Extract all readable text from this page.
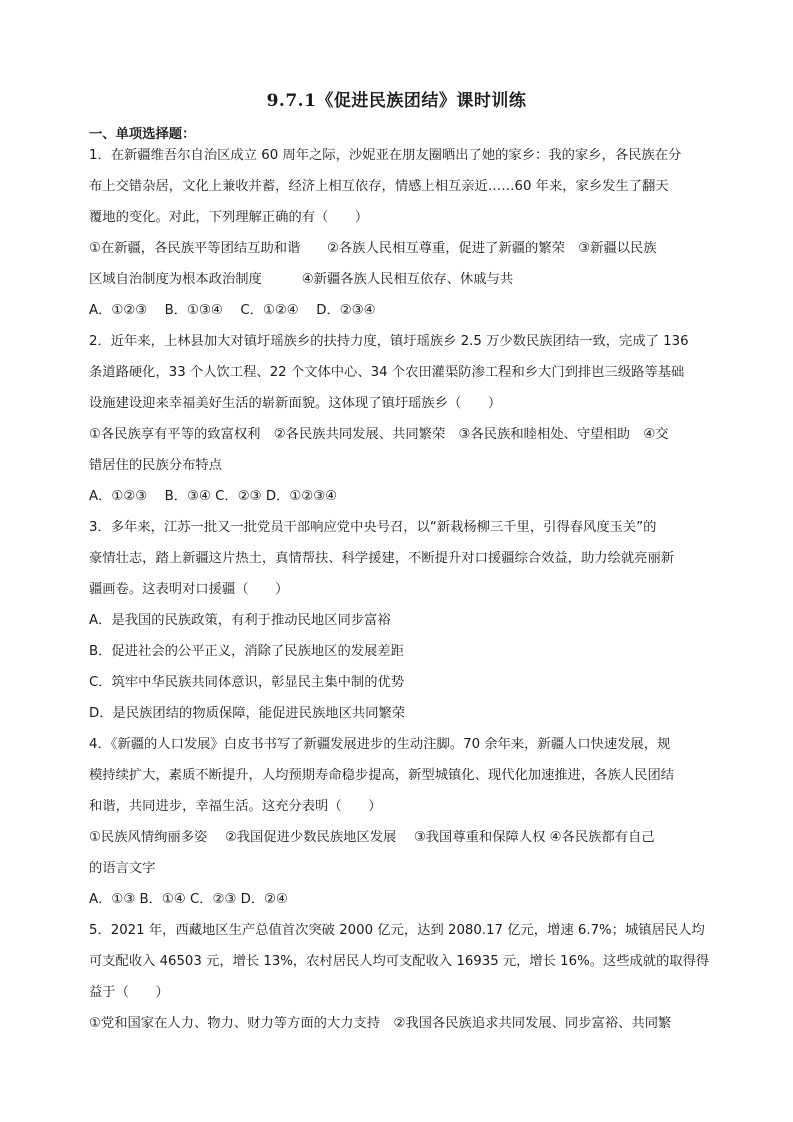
9.7.1《促进民族团结》课时训练
一、单项选择题：
1．在新疆维吾尔自治区成立 60 周年之际，沙妮亚在朋友圈晒出了她的家乡：我的家乡，各民族在分
布上交错杂居，文化上兼收并蓄，经济上相互依存，情感上相互亲近……60 年来，家乡发生了翻天
覆地的变化。对此，下列理解正确的有（　　）
①在新疆，各民族平等团结互助和谐　　②各族人民相互尊重，促进了新疆的繁荣　③新疆以民族
区域自治制度为根本政治制度　　　④新疆各族人民相互依存、休戚与共
A．①②③　 B．①③④　 C．①②④　 D．②③④
2．近年来，上林县加大对镇圩瑶族乡的扶持力度，镇圩瑶族乡 2.5 万少数民族团结一致，完成了 136
条道路硬化，33 个人饮工程、22 个文体中心、34 个农田灌渠防渗工程和乡大门到排岜三级路等基础
设施建设迎来幸福美好生活的崭新面貌。这体现了镇圩瑶族乡（　　）
①各民族享有平等的致富权利　②各民族共同发展、共同繁荣　③各民族和睦相处、守望相助　④交
错居住的民族分布特点
A．①②③　 B．③④ C．②③ D．①②③④
3．多年来，江苏一批又一批党员干部响应党中央号召，以“新栽杨柳三千里，引得春风度玉关”的
豪情壮志，踏上新疆这片热土，真情帮扶、科学援建，不断提升对口援疆综合效益，助力绘就亮丽新
疆画卷。这表明对口援疆（　　）
A．是我国的民族政策，有利于推动民地区同步富裕
B．促进社会的公平正义，消除了民族地区的发展差距
C．筑牢中华民族共同体意识，彰显民主集中制的优势
D．是民族团结的物质保障，能促进民族地区共同繁荣
4．《新疆的人口发展》白皮书书写了新疆发展进步的生动注脚。70 余年来，新疆人口快速发展，规
模持续扩大，素质不断提升，人均预期寿命稳步提高，新型城镇化、现代化加速推进，各族人民团结
和谐，共同进步，幸福生活。这充分表明（　　）
①民族风情绚丽多姿　 ②我国促进少数民族地区发展　 ③我国尊重和保障人权 ④各民族都有自己
的语言文字
A．①③ B．①④ C．②③ D．②④
5．2021 年，西藏地区生产总值首次突破 2000 亿元，达到 2080.17 亿元，增速 6.7%；城镇居民人均
可支配收入 46503 元，增长 13%，农村居民人均可支配收入 16935 元，增长 16%。这些成就的取得得
益于（　　）
①党和国家在人力、物力、财力等方面的大力支持　②我国各民族追求共同发展、同步富裕、共同繁
